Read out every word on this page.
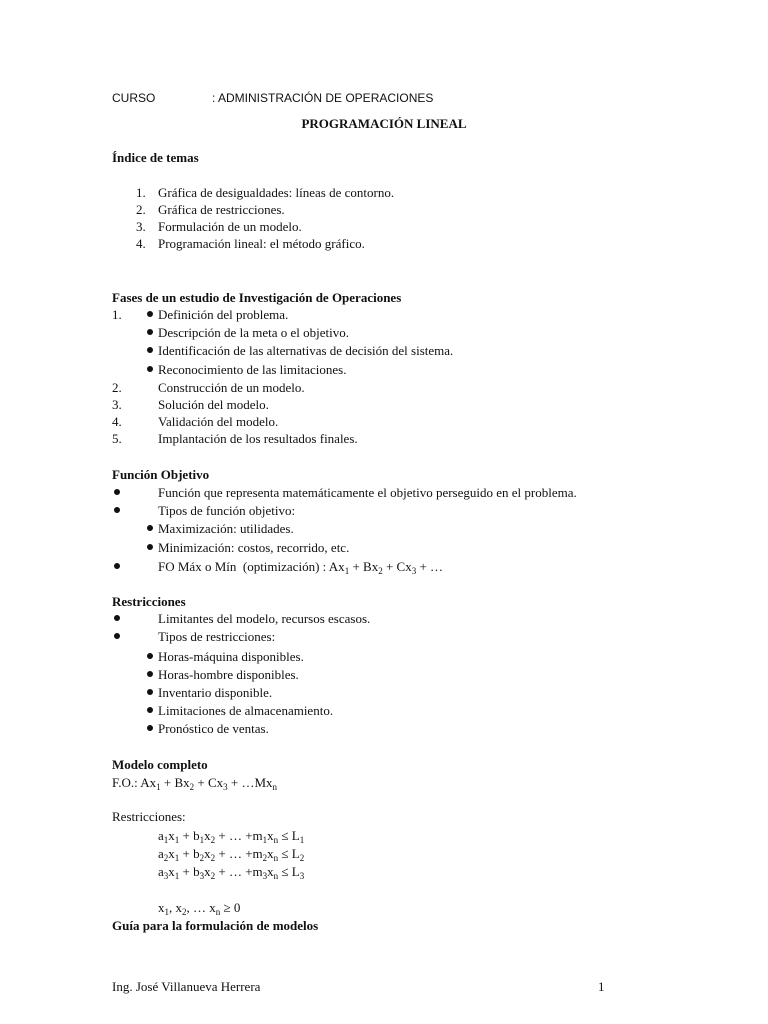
CURSO	: ADMINISTRACIÓN DE OPERACIONES
PROGRAMACIÓN LINEAL
Índice de temas
1. Gráfica de desigualdades: líneas de contorno.
2. Gráfica de restricciones.
3. Formulación de un modelo.
4. Programación lineal: el método gráfico.
Fases de un estudio de Investigación de Operaciones
1.	Definición del problema.
Descripción de la meta o el objetivo.
Identificación de las alternativas de decisión del sistema.
Reconocimiento de las limitaciones.
2.	Construcción de un modelo.
3.	Solución del modelo.
4.	Validación del modelo.
5.	Implantación de los resultados finales.
Función Objetivo
Función que representa matemáticamente el objetivo perseguido en el problema.
Tipos de función objetivo:
Maximización: utilidades.
Minimización: costos, recorrido, etc.
FO Máx o Mín  (optimización) : $Ax_1 + Bx_2 + Cx_3$ + …
Restricciones
Limitantes del modelo, recursos escasos.
Tipos de restricciones:
Horas-máquina disponibles.
Horas-hombre disponibles.
Inventario disponible.
Limitaciones de almacenamiento.
Pronóstico de ventas.
Modelo completo
F.O.: $Ax_1 + Bx_2 + Cx_3$ + $\dots Mx_n$
Restricciones:
$a_1x_1 + b_1x_2$ + … $+m_1x_n \le L_1$
$a_2x_1 + b_2x_2$ + … $+m_2x_n \le L_2$
$a_3x_1 + b_3x_2$ + … $+m_3x_n \le L_3$
$x_1$, $x_2$, … $x_n \ge 0$
Guía para la formulación de modelos
Ing. José Villanueva Herrera	1
